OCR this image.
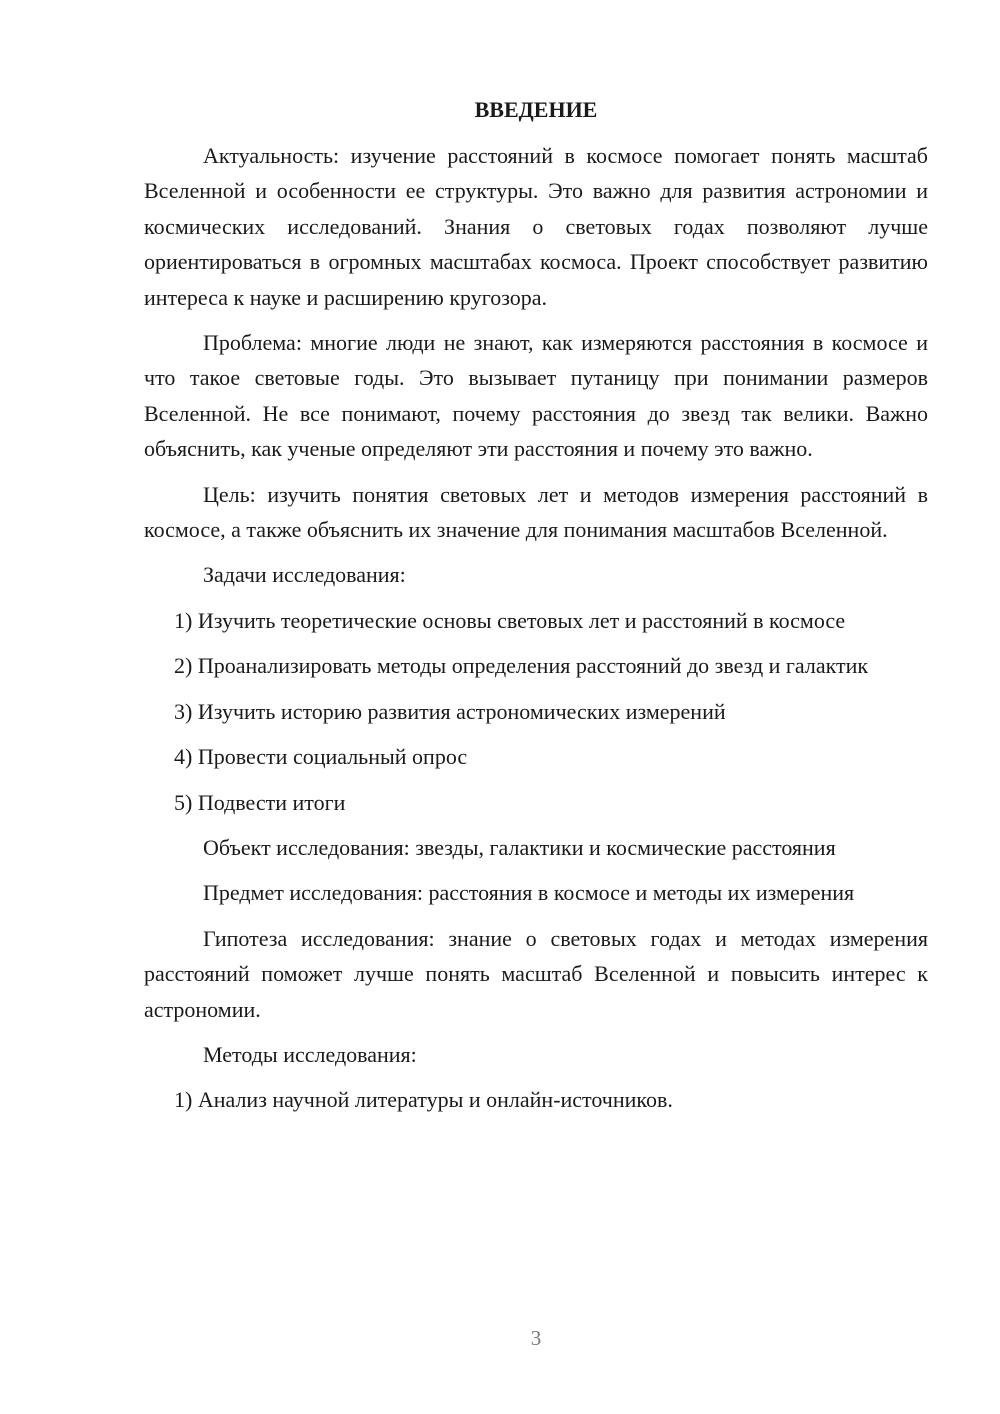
ВВЕДЕНИЕ

Актуальность: изучение расстояний в космосе помогает понять масштаб Вселенной и особенности ее структуры. Это важно для развития астрономии и космических исследований. Знания о световых годах позволяют лучше ориентироваться в огромных масштабах космоса. Проект способствует развитию интереса к науке и расширению кругозора.

Проблема: многие люди не знают, как измеряются расстояния в космосе и что такое световые годы. Это вызывает путаницу при понимании размеров Вселенной. Не все понимают, почему расстояния до звезд так велики. Важно объяснить, как ученые определяют эти расстояния и почему это важно.

Цель: изучить понятия световых лет и методов измерения расстояний в космосе, а также объяснить их значение для понимания масштабов Вселенной.

Задачи исследования:

1) Изучить теоретические основы световых лет и расстояний в космосе

2) Проанализировать методы определения расстояний до звезд и галактик

3) Изучить историю развития астрономических измерений

4) Провести социальный опрос

5) Подвести итоги

Объект исследования: звезды, галактики и космические расстояния

Предмет исследования: расстояния в космосе и методы их измерения

Гипотеза исследования: знание о световых годах и методах измерения расстояний поможет лучше понять масштаб Вселенной и повысить интерес к астрономии.

Методы исследования:

1) Анализ научной литературы и онлайн-источников.

3
